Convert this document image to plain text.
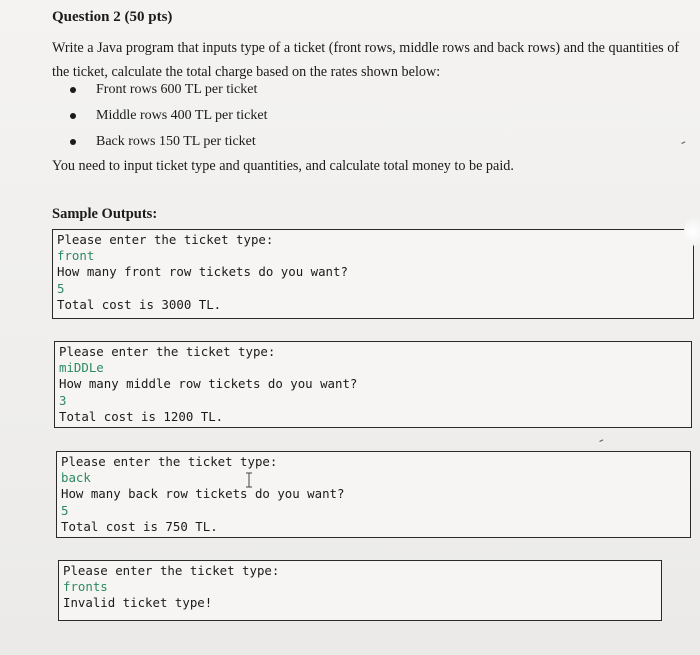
Question 2 (50 pts)
Write a Java program that inputs type of a ticket (front rows, middle rows and back rows) and the quantities of the ticket, calculate the total charge based on the rates shown below:
Front rows 600 TL per ticket
Middle rows 400 TL per ticket
Back rows 150 TL per ticket
You need to input ticket type and quantities, and calculate total money to be paid.
Sample Outputs:
Please enter the ticket type:
front
How many front row tickets do you want?
5
Total cost is 3000 TL.
Please enter the ticket type:
miDDLe
How many middle row tickets do you want?
3
Total cost is 1200 TL.
Please enter the ticket type:
back
How many back row tickets do you want?
5
Total cost is 750 TL.
Please enter the ticket type:
fronts
Invalid ticket type!
